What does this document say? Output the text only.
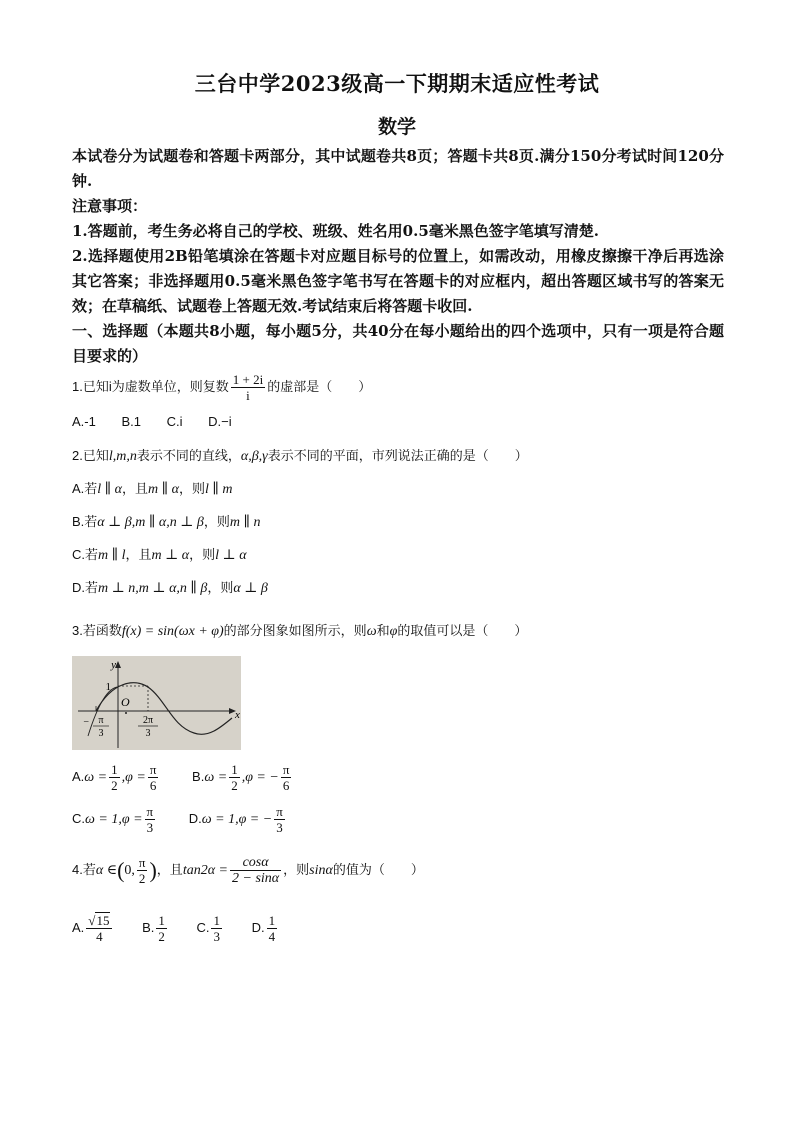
三台中学2023级高一下期期末适应性考试
数学
本试卷分为试题卷和答题卡两部分，其中试题卷共8页；答题卡共8页.满分150分考试时间120分钟.
注意事项：
1.答题前，考生务必将自己的学校、班级、姓名用0.5毫米黑色签字笔填写清楚.
2.选择题使用2B铅笔填涂在答题卡对应题目标号的位置上，如需改动，用橡皮擦擦干净后再选涂其它答案；非选择题用0.5毫米黑色签字笔书写在答题卡的对应框内，超出答题区域书写的答案无效；在草稿纸、试题卷上答题无效.考试结束后将答题卡收回.
一、选择题（本题共8小题，每小题5分，共40分在每小题给出的四个选项中，只有一项是符合题目要求的）
1.已知i为虚数单位，则复数 $\frac{1 + 2i}{i}$ 的虚部是（　　）
A.-1 B.1 C.i D.−i
2.已知l,m,n表示不同的直线，α,β,γ表示不同的平面，市列说法正确的是（　　）
A.若l ∥ α，且m ∥ α，则l ∥ m
B.若α ⊥ β,m ∥ α,n ⊥ β，则m ∥ n
C.若m ∥ l，且m ⊥ α，则l ⊥ α
D.若m ⊥ n,m ⊥ α,n ∥ β，则α ⊥ β
3.若函数f(x) = sin(ωx + φ)的部分图象如图所示，则ω和φ的取值可以是（　　）
y
x
1
O
− π
3
2π
3
$A.\omega = \frac{1}{2} ,\varphi = \frac{\pi}{6}$	$B.\omega = \frac{1}{2} ,\varphi$ = − $\frac{\pi}{6}$
$C.\omega = 1,\varphi = \frac{\pi}{3}$	D.ω = 1,φ = − $\frac{\pi}{3}$
4.若α ∈(0, $\frac{\pi}{2}$ )，且$\tan 2\alpha = \frac{\cos\alpha}{2 - \sin\alpha}$ ，则sinα的值为（　　）
A. $\frac{√15}{4} B$. $\frac{1}{2} C$. $\frac{1}{3} D$. $\frac{1}{4}$
